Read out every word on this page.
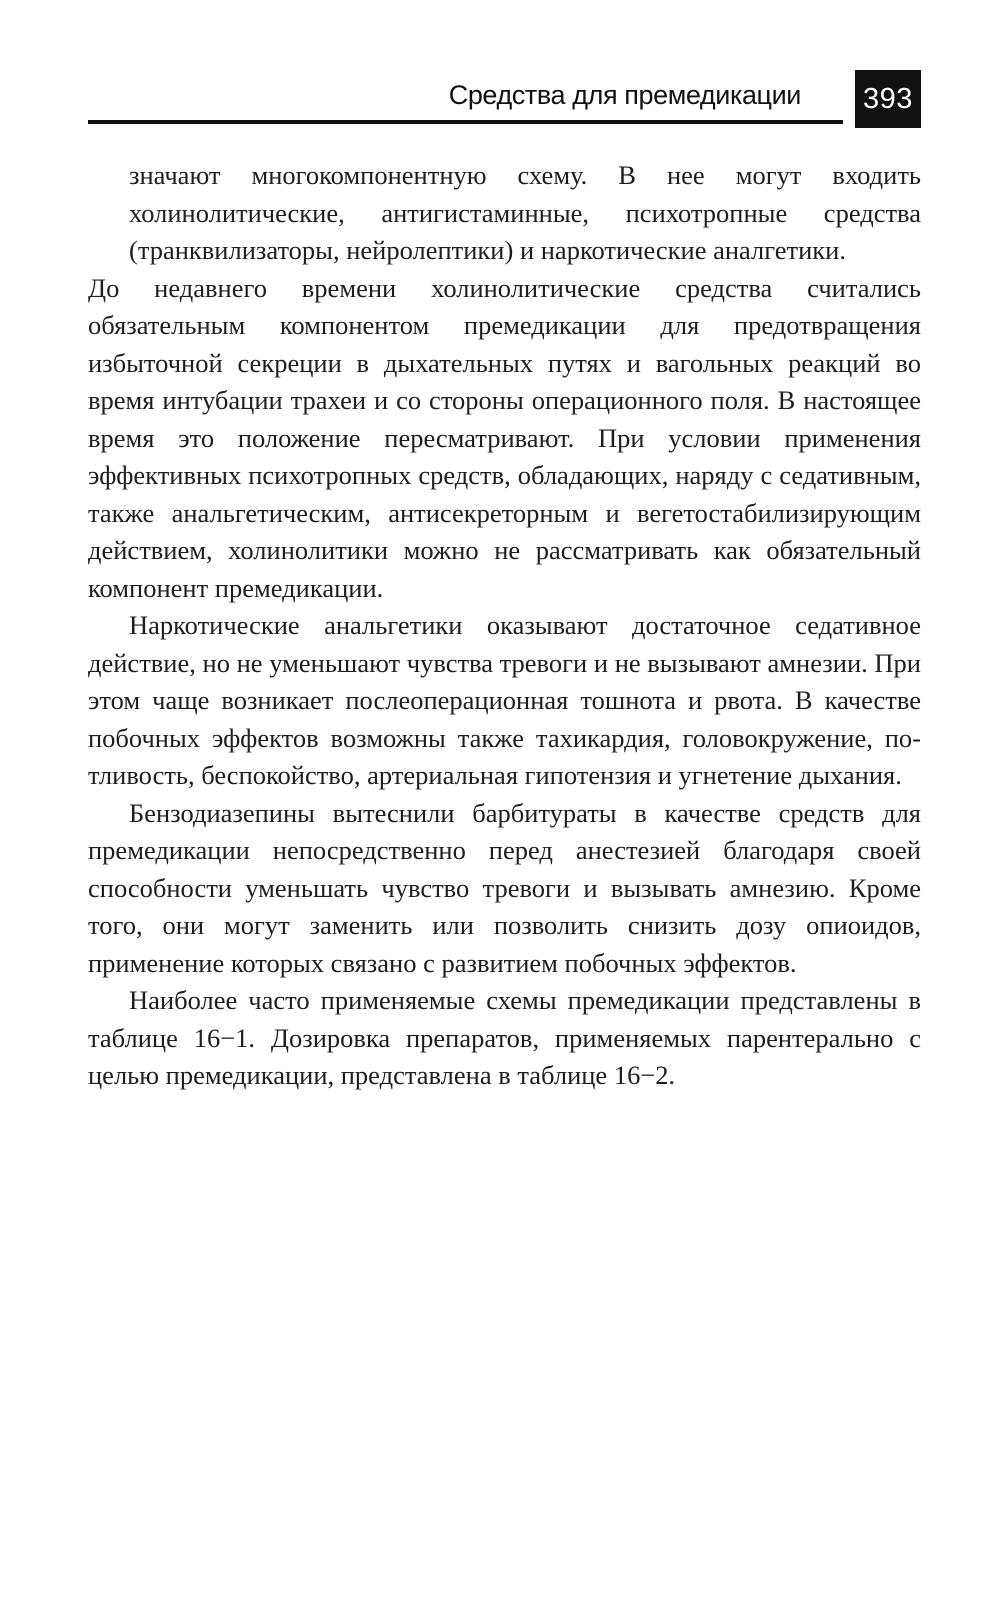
Средства для премедикации 393

значают многокомпонентную схему. В нее могут входить холинолитические, антигистаминные, психотропные средства (транквилизаторы, нейролептики) и наркотические аналгетики.

До недавнего времени холинолитические средства считались обязательным компонентом премедикации для предотвращения избыточной секреции в дыхательных путях и вагольных реакций во время интубации трахеи и со стороны операционного поля. В настоящее время это положение пересматривают. При условии применения эффективных психотропных средств, обладающих, наряду с седативным, также анальгетическим, антисекреторным и вегетостабилизирующим действием, холинолитики можно не рассматривать как обязательный компонент премедикации.

Наркотические анальгетики оказывают достаточное седативное действие, но не уменьшают чувства тревоги и не вызывают амнезии. При этом чаще возникает послеоперационная тошнота и рвота. В качестве побочных эффектов возможны также тахикардия, головокружение, потливость, беспокойство, артериальная гипотензия и угнетение дыхания.

Бензодиазепины вытеснили барбитураты в качестве средств для премедикации непосредственно перед анестезией благодаря своей способности уменьшать чувство тревоги и вызывать амнезию. Кроме того, они могут заменить или позволить снизить дозу опиоидов, применение которых связано с развитием побочных эффектов.

Наиболее часто применяемые схемы премедикации представлены в таблице 16−1. Дозировка препаратов, применяемых парентерально с целью премедикации, представлена в таблице 16−2.
